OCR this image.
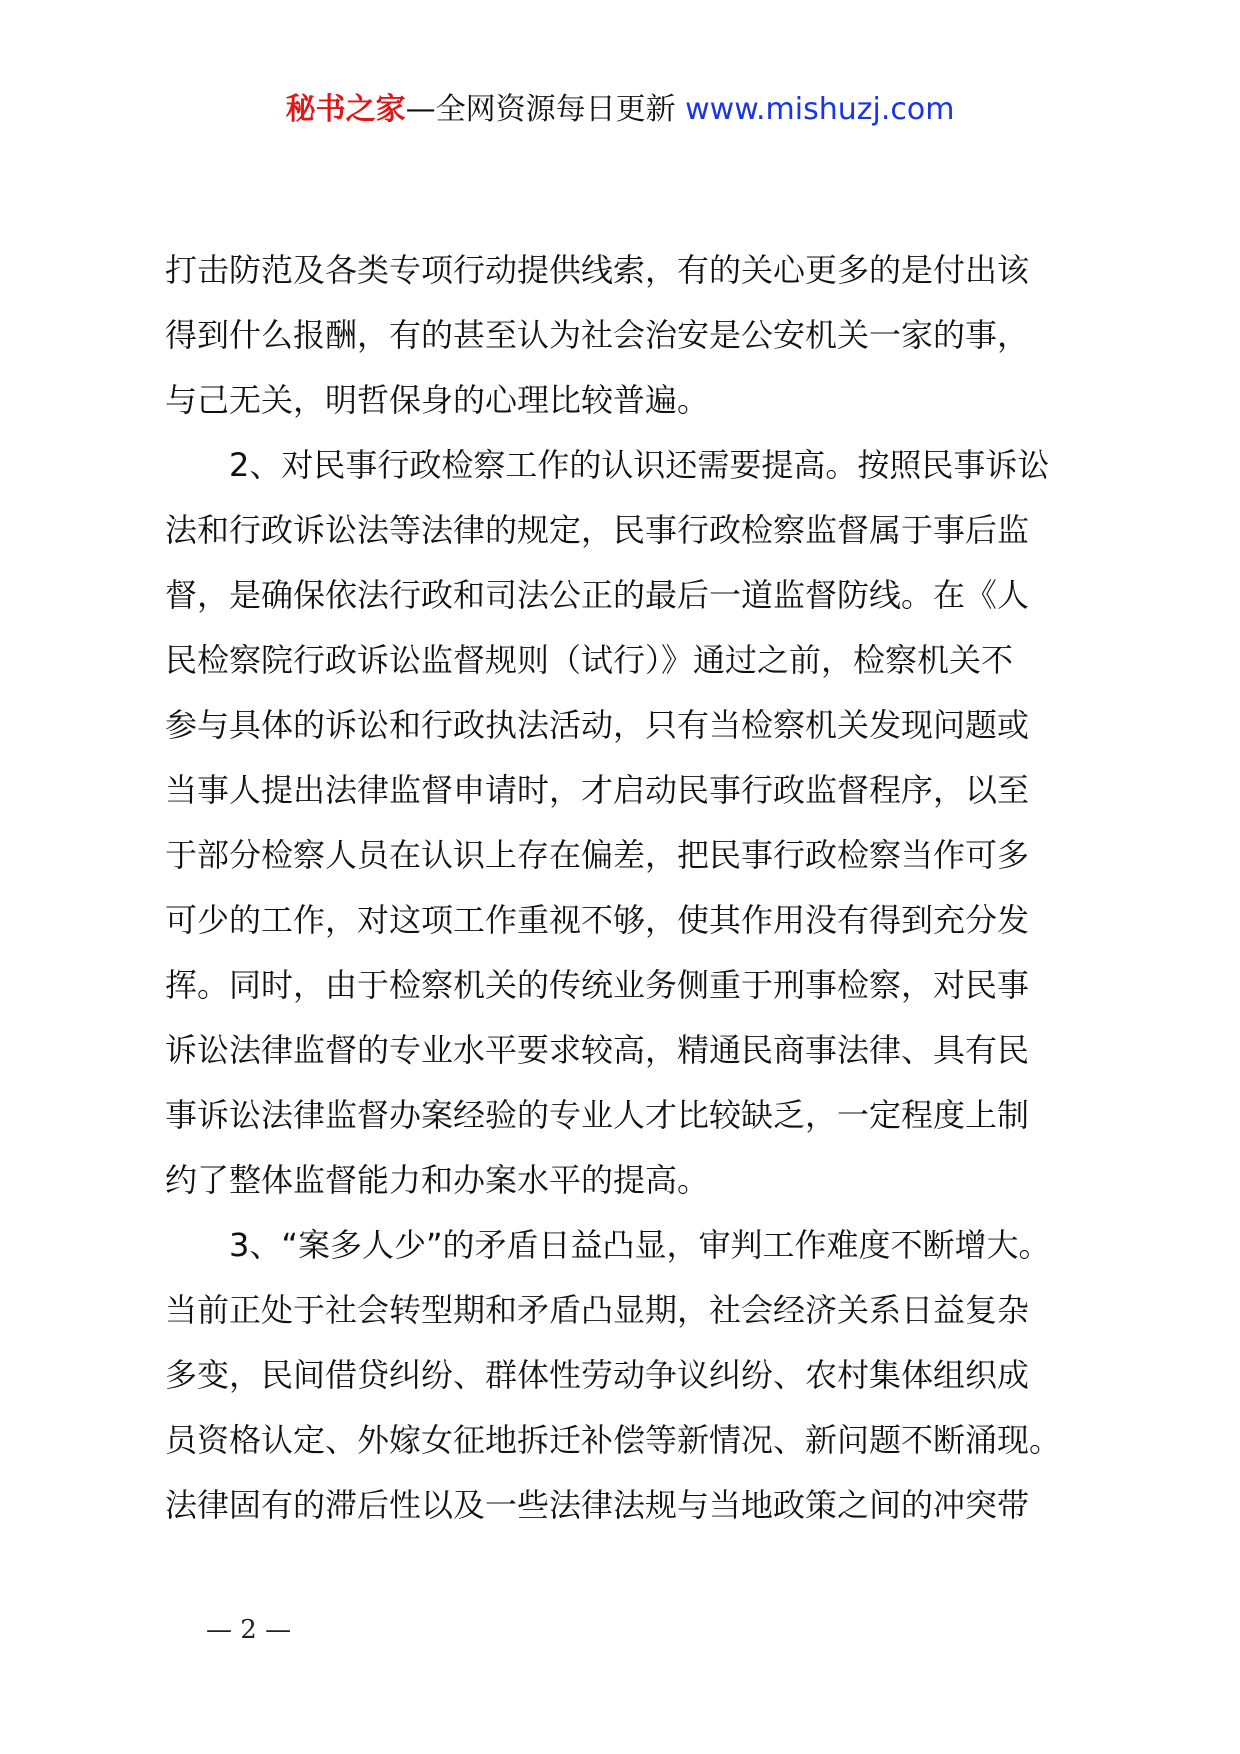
秘书之家—全网资源每日更新 www.mishuzj.com
打击防范及各类专项行动提供线索，有的关心更多的是付出该
得到什么报酬，有的甚至认为社会治安是公安机关一家的事，
与己无关，明哲保身的心理比较普遍。
2、对民事行政检察工作的认识还需要提高。按照民事诉讼
法和行政诉讼法等法律的规定，民事行政检察监督属于事后监
督，是确保依法行政和司法公正的最后一道监督防线。在《人
民检察院行政诉讼监督规则（试行）》通过之前，检察机关不
参与具体的诉讼和行政执法活动，只有当检察机关发现问题或
当事人提出法律监督申请时，才启动民事行政监督程序，以至
于部分检察人员在认识上存在偏差，把民事行政检察当作可多
可少的工作，对这项工作重视不够，使其作用没有得到充分发
挥。同时，由于检察机关的传统业务侧重于刑事检察，对民事
诉讼法律监督的专业水平要求较高，精通民商事法律、具有民
事诉讼法律监督办案经验的专业人才比较缺乏，一定程度上制
约了整体监督能力和办案水平的提高。
3、“案多人少”的矛盾日益凸显，审判工作难度不断增大。
当前正处于社会转型期和矛盾凸显期，社会经济关系日益复杂
多变，民间借贷纠纷、群体性劳动争议纠纷、农村集体组织成
员资格认定、外嫁女征地拆迁补偿等新情况、新问题不断涌现。
法律固有的滞后性以及一些法律法规与当地政策之间的冲突带
— 2 —
